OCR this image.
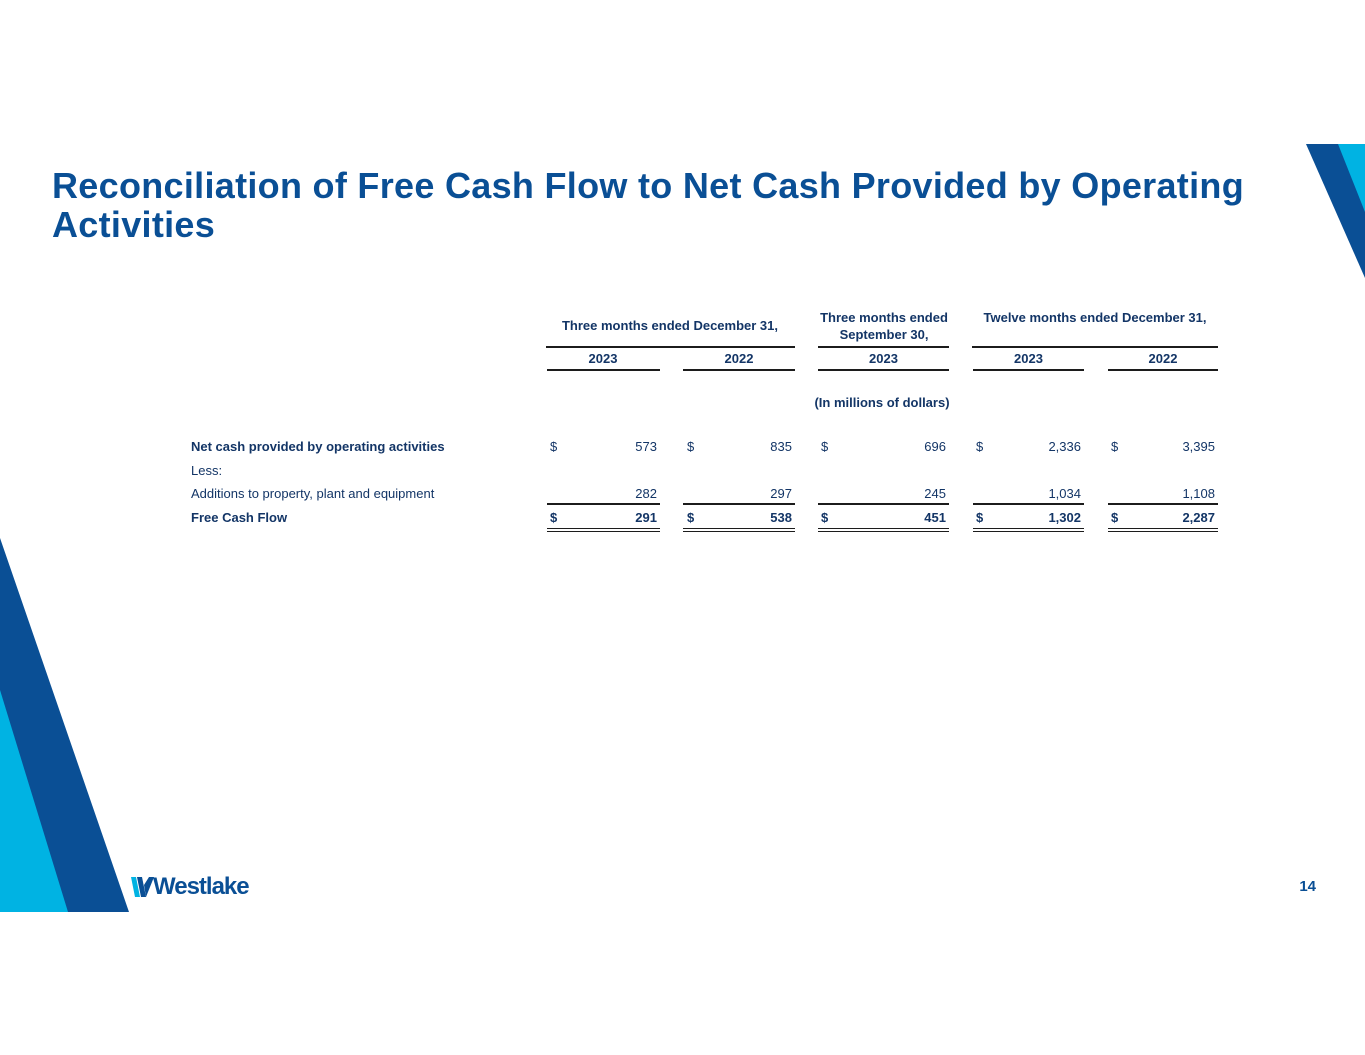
Reconciliation of Free Cash Flow to Net Cash Provided by Operating Activities
Three months ended December 31,
Three months ended September 30,
Twelve months ended December 31,
2023	2022	2023	2023	2022
(In millions of dollars)
Net cash provided by operating activities	$	573 $	835 $	696 $	2,336 $	3,395
Less:
Additions to property, plant and equipment	282	297	245	1,034	1,108
Free Cash Flow	$	291 $	538 $	451 $	1,302 $	2,287
Westlake	14
